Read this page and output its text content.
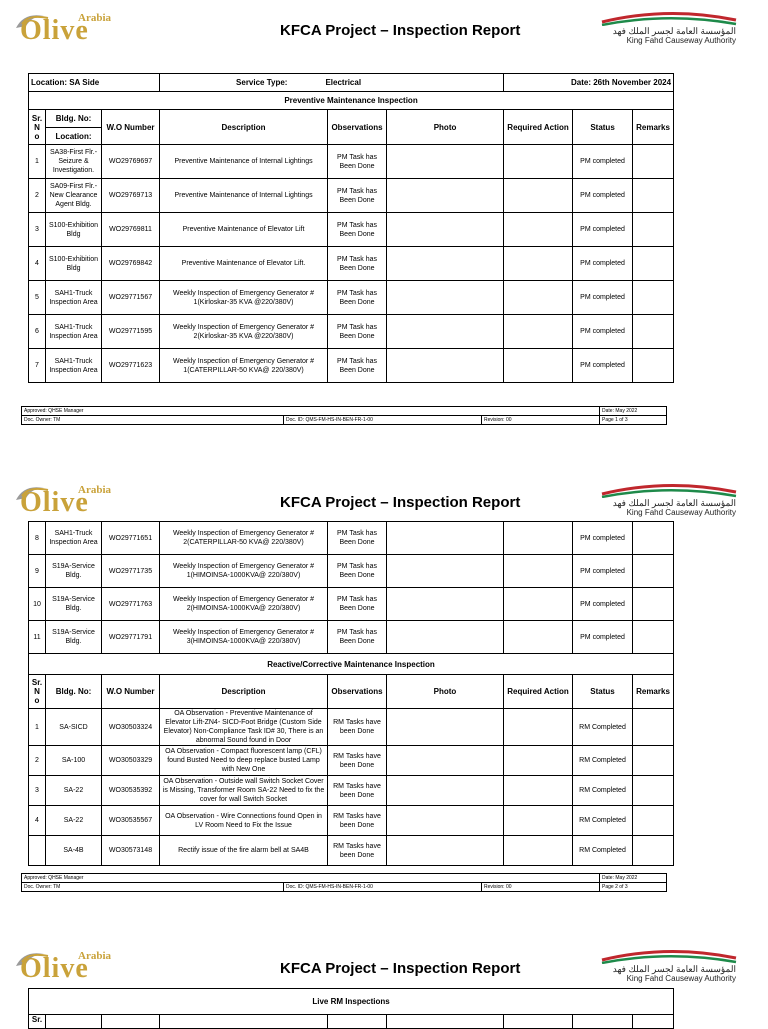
Arabia
Olive	KFCA Project – Inspection Report	المؤسسة العامة لجسر الملك فهد
King Fahd Causeway Authority
Location: SA Side			Service Type: Electrical			Date: 26th November 2024		
Preventive Maintenance Inspection								
Sr. N o	Bldg. No:	W.O Number	Description	Observations	Photo	Required Action	Status	Remarks
	Location:							
1	SA38-First Flr.-Seizure & Investigation.	WO29769697	Preventive Maintenance of Internal Lightings	PM Task has Been Done			PM completed	
2	SA09-First Flr.-New Clearance Agent Bldg.	WO29769713	Preventive Maintenance of Internal Lightings	PM Task has Been Done			PM completed	
3	S100-Exhibition Bldg	WO29769811	Preventive Maintenance of Elevator Lift	PM Task has Been Done			PM completed	
4	S100-Exhibition Bldg	WO29769842	Preventive Maintenance of Elevator Lift.	PM Task has Been Done			PM completed	
5	SAH1-Truck Inspection Area	WO29771567	Weekly Inspection of Emergency Generator # 1(Kirloskar-35 KVA @220/380V)	PM Task has Been Done			PM completed	
6	SAH1-Truck Inspection Area	WO29771595	Weekly Inspection of Emergency Generator # 2(Kirloskar-35 KVA @220/380V)	PM Task has Been Done			PM completed	
7	SAH1-Truck Inspection Area	WO29771623	Weekly Inspection of Emergency Generator # 1(CATERPILLAR-50 KVA@ 220/380V)	PM Task has Been Done			PM completed	
Approved: QHSE Manager			Date: May 2022
Doc. Owner: TM	Doc. ID: QMS-FM-HS-IN-BEN-FR-1-00	Revision: 00	Page 1 of 3
Arabia
Olive	KFCA Project – Inspection Report	المؤسسة العامة لجسر الملك فهد
King Fahd Causeway Authority
8	SAH1-Truck Inspection Area	WO29771651	Weekly Inspection of Emergency Generator # 2(CATERPILLAR-50 KVA@ 220/380V)	PM Task has Been Done			PM completed	
9	S19A-Service Bldg.	WO29771735	Weekly Inspection of Emergency Generator # 1(HIMOINSA-1000KVA@ 220/380V)	PM Task has Been Done			PM completed	
10	S19A-Service Bldg.	WO29771763	Weekly Inspection of Emergency Generator # 2(HIMOINSA-1000KVA@ 220/380V)	PM Task has Been Done			PM completed	
11	S19A-Service Bldg.	WO29771791	Weekly Inspection of Emergency Generator # 3(HIMOINSA-1000KVA@ 220/380V)	PM Task has Been Done			PM completed	
Reactive/Corrective Maintenance Inspection								
Sr. N o	Bldg. No:	W.O Number	Description	Observations	Photo	Required Action	Status	Remarks
1	SA-SICD	WO30503324	OA Observation - Preventive Maintenance of Elevator Lift-ZN4- SICD-Foot Bridge (Custom Side Elevator) Non-Compliance Task ID# 30, There is an abnormal Sound found in Door	RM Tasks have been Done			RM Completed	
2	SA-100	WO30503329	OA Observation - Compact fluorescent lamp (CFL) found Busted Need to deep replace busted Lamp with New One	RM Tasks have been Done			RM Completed	
3	SA-22	WO30535392	OA Observation - Outside wall Switch Socket Cover is Missing, Transformer Room SA-22 Need to fix the cover for wall Switch Socket	RM Tasks have been Done			RM Completed	
4	SA-22	WO30535567	OA Observation - Wire Connections found Open in LV Room Need to Fix the Issue	RM Tasks have been Done			RM Completed	
	SA-4B	WO30573148	Rectify issue of the fire alarm bell at SA4B	RM Tasks have been Done			RM Completed	
Approved: QHSE Manager			Date: May 2022
Doc. Owner: TM	Doc. ID: QMS-FM-HS-IN-BEN-FR-1-00	Revision: 00	Page 2 of 3
Arabia
Olive	KFCA Project – Inspection Report	المؤسسة العامة لجسر الملك فهد
King Fahd Causeway Authority
Live RM Inspections
Sr.								
